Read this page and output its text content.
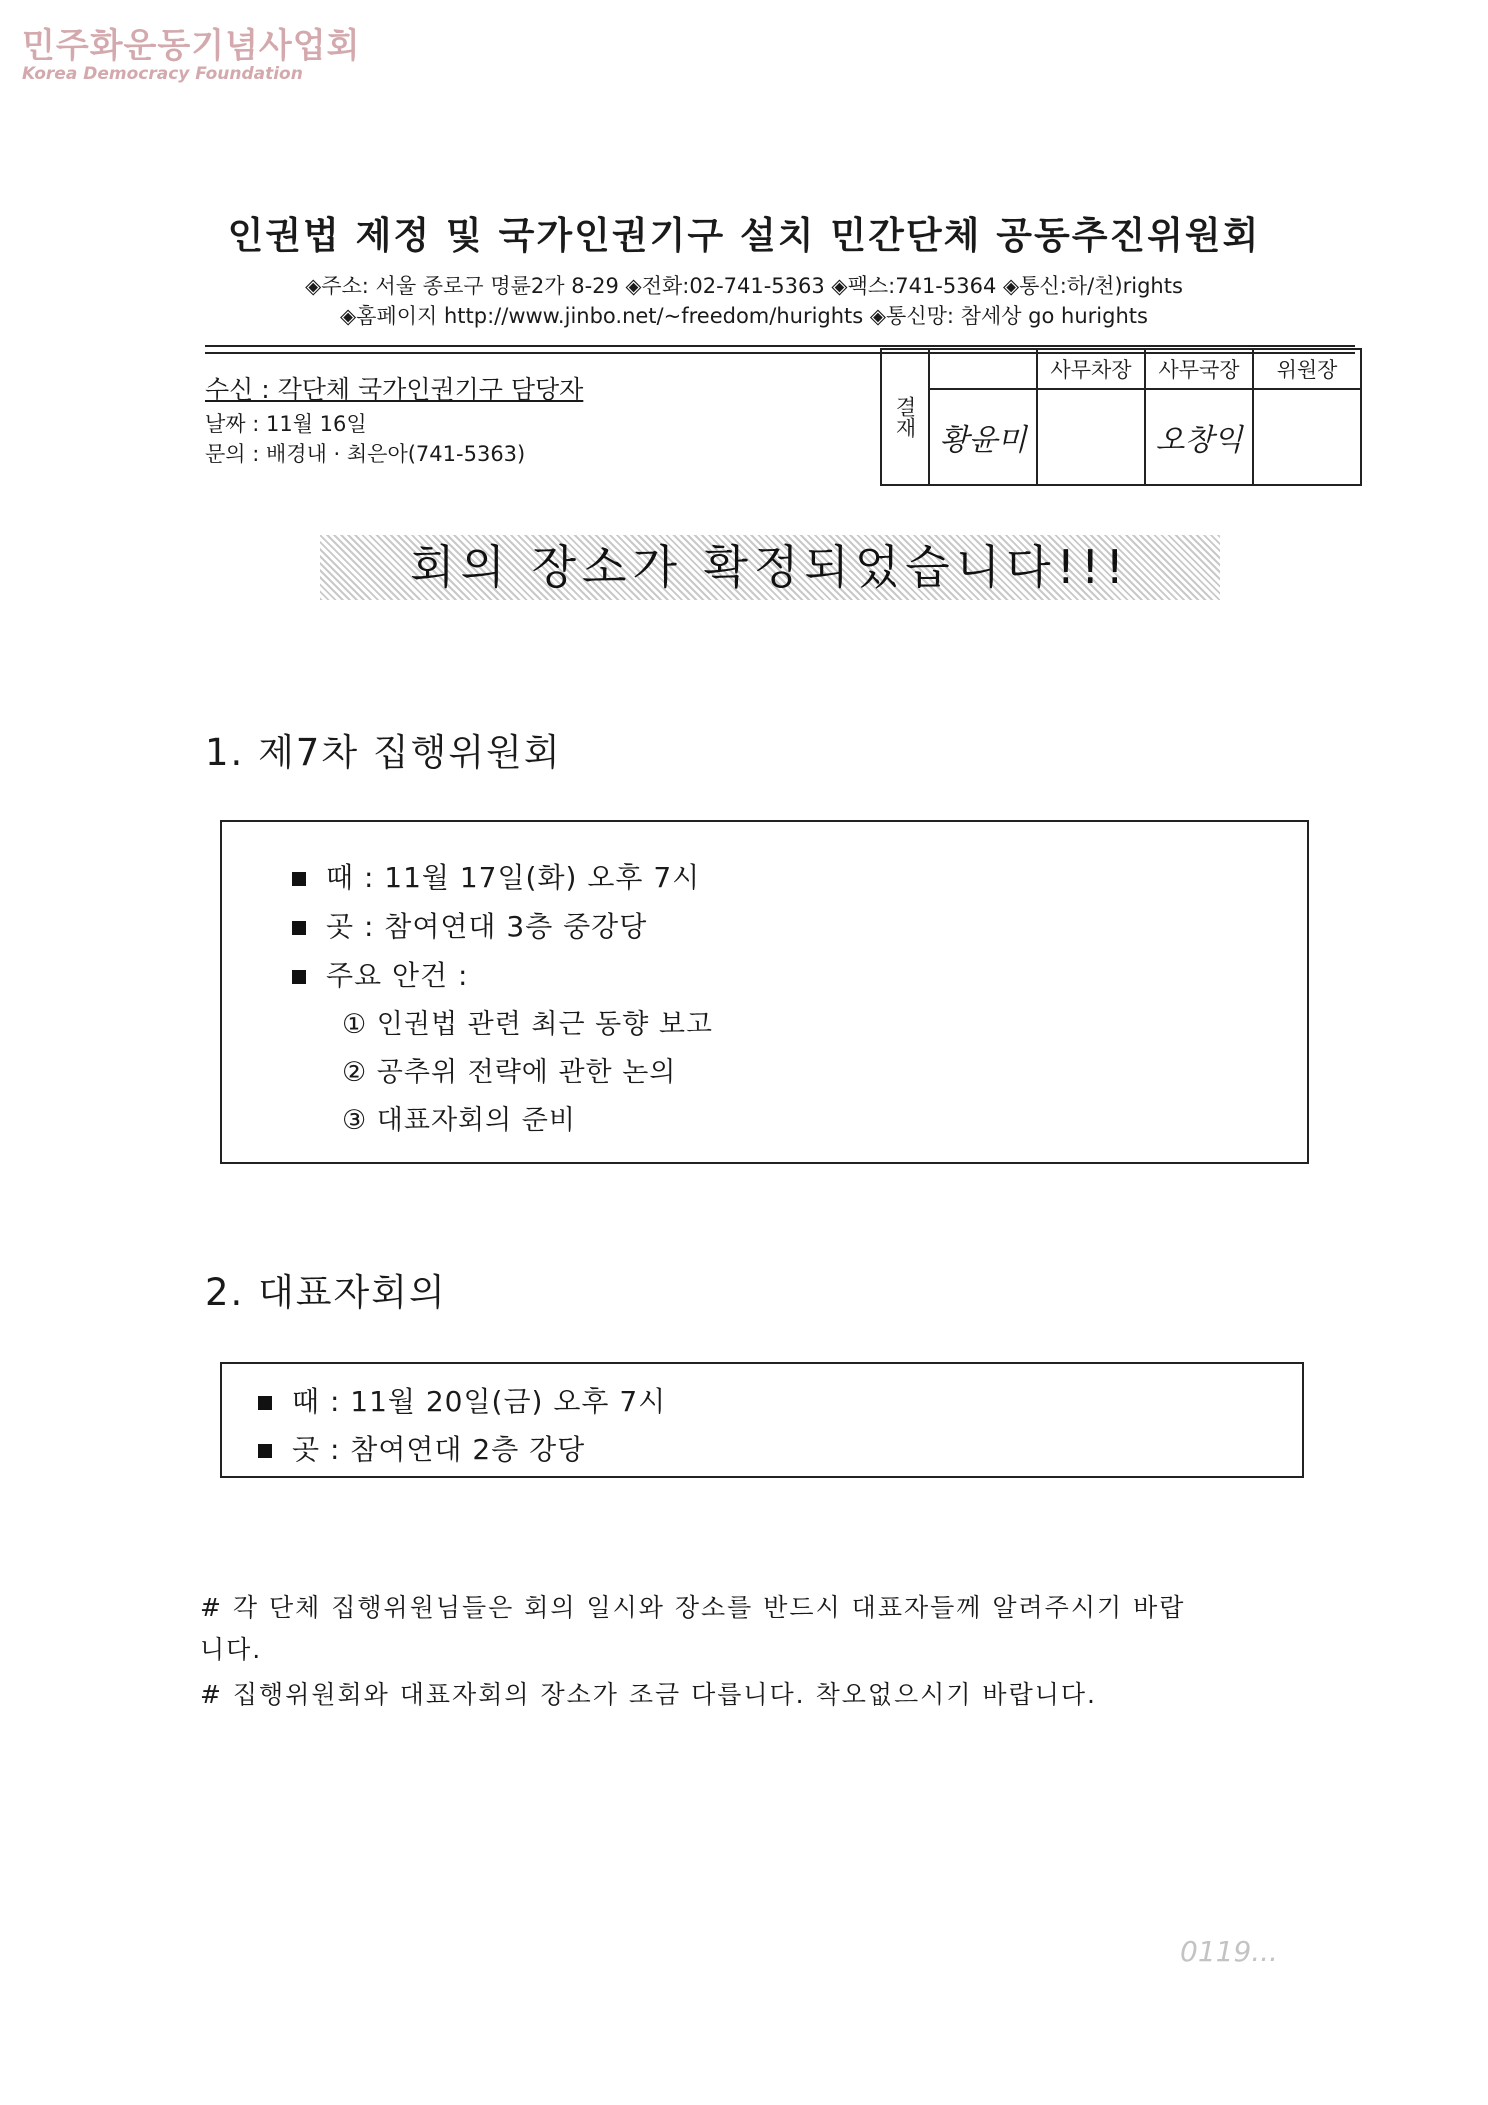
민주화운동기념사업회
Korea Democracy Foundation
인권법 제정 및 국가인권기구 설치 민간단체 공동추진위원회
◈주소: 서울 종로구 명륜2가 8-29 ◈전화:02-741-5363 ◈팩스:741-5364 ◈통신:하/천)rights
◈홈페이지 http://www.jinbo.net/~freedom/hurights ◈통신망: 참세상 go hurights
수신 : 각단체 국가인권기구 담당자
날짜 : 11월 16일
문의 : 배경내 · 최은아(741-5363)
결재		사무차장	사무국장	위원장
	황윤미		오창익	
회의 장소가 확정되었습니다!!!
1. 제7차 집행위원회
때 : 11월 17일(화) 오후 7시
곳 : 참여연대 3층 중강당
주요 안건 :
① 인권법 관련 최근 동향 보고
② 공추위 전략에 관한 논의
③ 대표자회의 준비
2. 대표자회의
때 : 11월 20일(금) 오후 7시
곳 : 참여연대 2층 강당
# 각 단체 집행위원님들은 회의 일시와 장소를 반드시 대표자들께 알려주시기 바랍
니다.
# 집행위원회와 대표자회의 장소가 조금 다릅니다. 착오없으시기 바랍니다.
0119...
